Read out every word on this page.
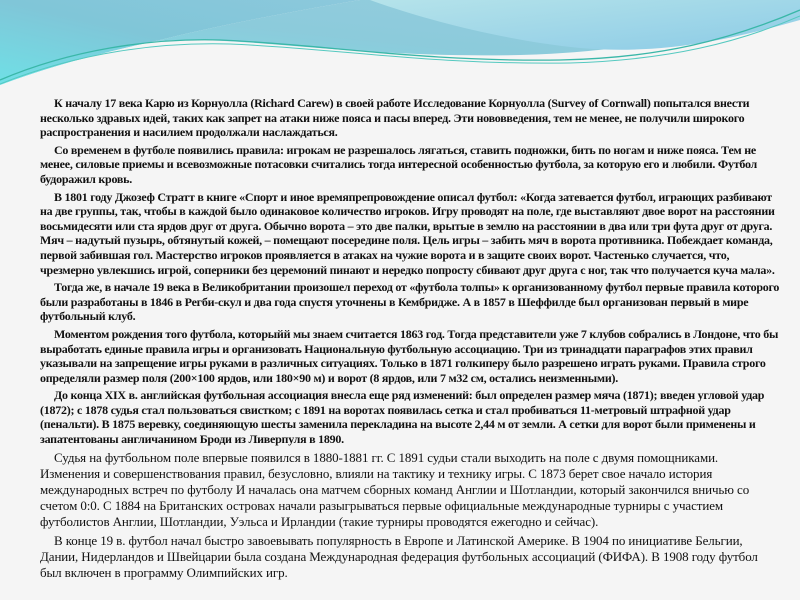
К началу 17 века Карю из Корнуолла (Richard Carew) в своей работе Исследование Корнуолла (Survey of Cornwall) попытался внести несколько здравых идей, таких как запрет на атаки ниже пояса и пасы вперед. Эти нововведения, тем не менее, не получили широкого распространения и насилием продолжали наслаждаться.

Со временем в футболе появились правила: игрокам не разрешалось лягаться, ставить подножки, бить по ногам и ниже пояса. Тем не менее, силовые приемы и всевозможные потасовки считались тогда интересной особенностью футбола, за которую его и любили. Футбол будоражил кровь.

В 1801 году Джозеф Стратт в книге «Спорт и иное времяпрепровождение описал футбол: «Когда затевается футбол, играющих разбивают на две группы, так, чтобы в каждой было одинаковое количество игроков. Игру проводят на поле, где выставляют двое ворот на расстоянии восьмидесяти или ста ярдов друг от друга. Обычно ворота – это две палки, врытые в землю на расстоянии в два или три фута друг от друга. Мяч – надутый пузырь, обтянутый кожей, – помещают посередине поля. Цель игры – забить мяч в ворота противника. Побеждает команда, первой забившая гол. Мастерство игроков проявляется в атаках на чужие ворота и в защите своих ворот. Частенько случается, что, чрезмерно увлекшись игрой, соперники без церемоний пинают и нередко попросту сбивают друг друга с ног, так что получается куча мала».

Тогда же, в начале 19 века в Великобритании произошел переход от «футбола толпы» к организованному футбол первые правила которого были разработаны в 1846 в Регби-скул и два года спустя уточнены в Кембридже. А в 1857 в Шеффилде был организован первый в мире футбольный клуб.

Моментом рождения того футбола, которыйй мы знаем считается 1863 год. Тогда представители уже 7 клубов собрались в Лондоне, что бы выработать единые правила игры и организовать Национальную футбольную ассоциацию. Три из тринадцати параграфов этих правил указывали на запрещение игры руками в различных ситуациях. Только в 1871 голкиперу было разрешено играть руками. Правила строго определяли размер поля (200×100 ярдов, или 180×90 м) и ворот (8 ярдов, или 7 м32 см, остались неизменными).

До конца XIX в. английская футбольная ассоциация внесла еще ряд изменений: был определен размер мяча (1871); введен угловой удар (1872); с 1878 судья стал пользоваться свистком; с 1891 на воротах появилась сетка и стал пробиваться 11-метровый штрафной удар (пенальти). В 1875 веревку, соединяющую шесты заменила перекладина на высоте 2,44 м от земли. А сетки для ворот были применены и запатентованы англичанином Броди из Ливерпуля в 1890.

Судья на футбольном поле впервые появился в 1880-1881 гг. С 1891 судьи стали выходить на поле с двумя помощниками. Изменения и совершенствования правил, безусловно, влияли на тактику и технику игры. С 1873 берет свое начало история международных встреч по футболу И началась она матчем сборных команд Англии и Шотландии, который закончился вничью со счетом 0:0. С 1884 на Британских островах начали разыгрываться первые официальные международные турниры с участием футболистов Англии, Шотландии, Уэльса и Ирландии (такие турниры проводятся ежегодно и сейчас).

В конце 19 в. футбол начал быстро завоевывать популярность в Европе и Латинской Америке. В 1904 по инициативе Бельгии, Дании, Нидерландов и Швейцарии была создана Международная федерация футбольных ассоциаций (ФИФА). В 1908 году футбол был включен в программу Олимпийских игр.
